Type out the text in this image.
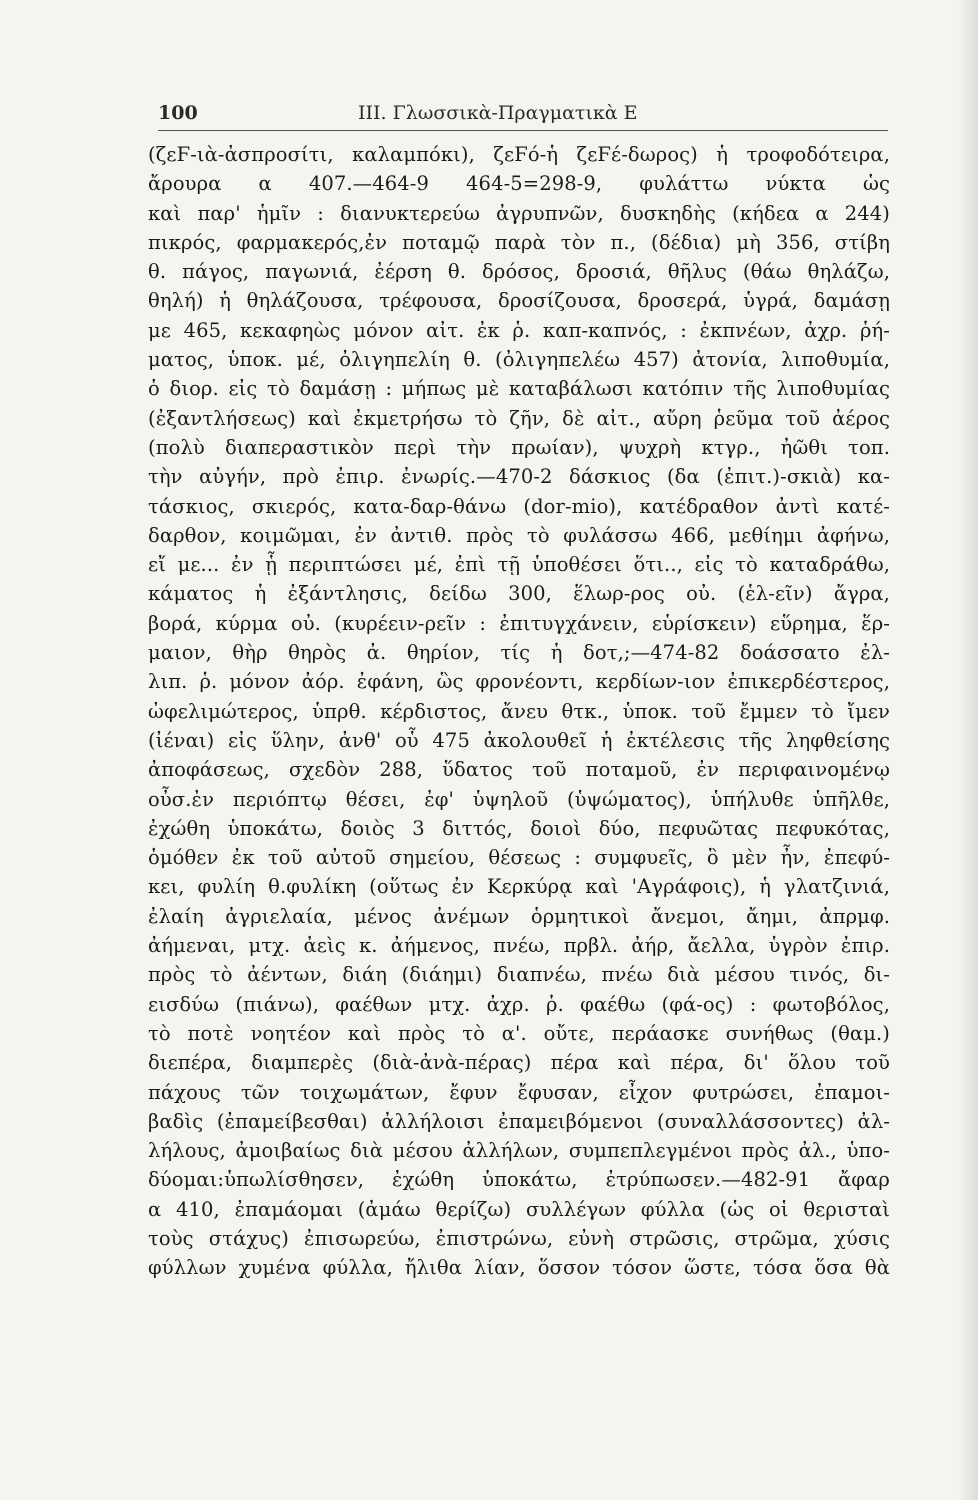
100	ΙΙΙ. Γλωσσικὰ-Πραγματικὰ Ε
(ζεϜ-ιὰ-ἀσπροσίτι, καλαμπόκι), ζεϜό-ἡ ζεϜέ-δωρος) ἡ τροφοδότειρα,
ἄρουρα α 407.—464-9 464-5=298-9, φυλάττω νύκτα ὡς
καὶ παρ' ἡμῖν : διανυκτερεύω ἀγρυπνῶν, δυσκηδὴς (κήδεα α 244)
πικρός, φαρμακερός,ἐν ποταμῷ παρὰ τὸν π., (δέδια) μὴ 356, στίβη
θ. πάγος, παγωνιά, ἐέρση θ. δρόσος, δροσιά, θῆλυς (θάω θηλάζω,
θηλή) ἡ θηλάζουσα, τρέφουσα, δροσίζουσα, δροσερά, ὑγρά, δαμάσῃ
με 465, κεκαφηὼς μόνον αἰτ. ἐκ ῥ. καπ-καπνός, : ἐκπνέων, ἀχρ. ῥή-
ματος, ὑποκ. μέ, ὀλιγηπελίη θ. (ὀλιγηπελέω 457) ἀτονία, λιποθυμία,
ὁ διορ. εἰς τὸ δαμάσῃ : μήπως μὲ καταβάλωσι κατόπιν τῆς λιποθυμίας
(ἐξαντλήσεως) καὶ ἐκμετρήσω τὸ ζῆν, δὲ αἰτ., αὔρη ῥεῦμα τοῦ ἀέρος
(πολὺ διαπεραστικὸν περὶ τὴν πρωίαν), ψυχρὴ κτγρ., ἠῶθι τοπ.
τὴν αὐγήν, πρὸ ἐπιρ. ἐνωρίς.—470-2 δάσκιος (δα (ἐπιτ.)-σκιὰ) κα-
τάσκιος, σκιερός, κατα-δαρ-θάνω (dor-mio), κατέδραθον ἀντὶ κατέ-
δαρθον, κοιμῶμαι, ἐν ἀντιθ. πρὸς τὸ φυλάσσω 466, μεθίημι ἀφήνω,
εἴ με... ἐν ᾗ περιπτώσει μέ, ἐπὶ τῇ ὑποθέσει ὅτι.., εἰς τὸ καταδράθω,
κάματος ἡ ἐξάντλησις, δείδω 300, ἕλωρ-ρος οὐ. (ἑλ-εῖν) ἄγρα,
βορά, κύρμα οὐ. (κυρέειν-ρεῖν : ἐπιτυγχάνειν, εὑρίσκειν) εὕρημα, ἕρ-
μαιον, θὴρ θηρὸς ἀ. θηρίον, τίς ἡ δοτ,;—474-82 δοάσσατο ἐλ-
λιπ. ῥ. μόνον ἀόρ. ἐφάνη, ὣς φρονέοντι, κερδίων-ιον ἐπικερδέστερος,
ὠφελιμώτερος, ὑπρθ. κέρδιστος, ἄνευ θτκ., ὑποκ. τοῦ ἔμμεν τὸ ἴμεν
(ἰέναι) εἰς ὕλην, ἀνθ' οὗ 475 ἀκολουθεῖ ἡ ἐκτέλεσις τῆς ληφθείσης
ἀποφάσεως, σχεδὸν 288, ὕδατος τοῦ ποταμοῦ, ἐν περιφαινομένῳ
οὖσ.ἐν περιόπτῳ θέσει, ἐφ' ὑψηλοῦ (ὑψώματος), ὑπήλυθε ὑπῆλθε,
ἐχώθη ὑποκάτω, δοιὸς 3 διττός, δοιοὶ δύο, πεφυῶτας πεφυκότας,
ὁμόθεν ἐκ τοῦ αὐτοῦ σημείου, θέσεως : συμφυεῖς, ὃ μὲν ἦν, ἐπεφύ-
κει, φυλίη θ.φυλίκη (οὕτως ἐν Κερκύρᾳ καὶ 'Αγράφοις), ἡ γλατζινιά,
ἐλαίη ἀγριελαία, μένος ἀνέμων ὁρμητικοὶ ἄνεμοι, ἄημι, ἀπρμφ.
ἀήμεναι, μτχ. ἀεὶς κ. ἀήμενος, πνέω, πρβλ. ἀήρ, ἄελλα, ὑγρὸν ἐπιρ.
πρὸς τὸ ἀέντων, διάη (διάημι) διαπνέω, πνέω διὰ μέσου τινός, δι-
εισδύω (πιάνω), φαέθων μτχ. ἀχρ. ῥ. φαέθω (φά-ος) : φωτοβόλος,
τὸ ποτὲ νοητέον καὶ πρὸς τὸ α'. οὔτε, περάασκε συνήθως (θαμ.)
διεπέρα, διαμπερὲς (διὰ-ἀνὰ-πέρας) πέρα καὶ πέρα, δι' ὅλου τοῦ
πάχους τῶν τοιχωμάτων, ἔφυν ἔφυσαν, εἶχον φυτρώσει, ἐπαμοι-
βαδὶς (ἐπαμείβεσθαι) ἀλλήλοισι ἐπαμειβόμενοι (συναλλάσσοντες) ἀλ-
λήλους, ἀμοιβαίως διὰ μέσου ἀλλήλων, συμπεπλεγμένοι πρὸς ἀλ., ὑπο-
δύομαι:ὑπωλίσθησεν, ἐχώθη ὑποκάτω, ἐτρύπωσεν.—482-91 ἄφαρ
α 410, ἐπαμάομαι (ἀμάω θερίζω) συλλέγων φύλλα (ὡς οἱ θερισταὶ
τοὺς στάχυς) ἐπισωρεύω, ἐπιστρώνω, εὐνὴ στρῶσις, στρῶμα, χύσις
φύλλων χυμένα φύλλα, ἤλιθα λίαν, ὅσσον τόσον ὥστε, τόσα ὅσα θὰ
